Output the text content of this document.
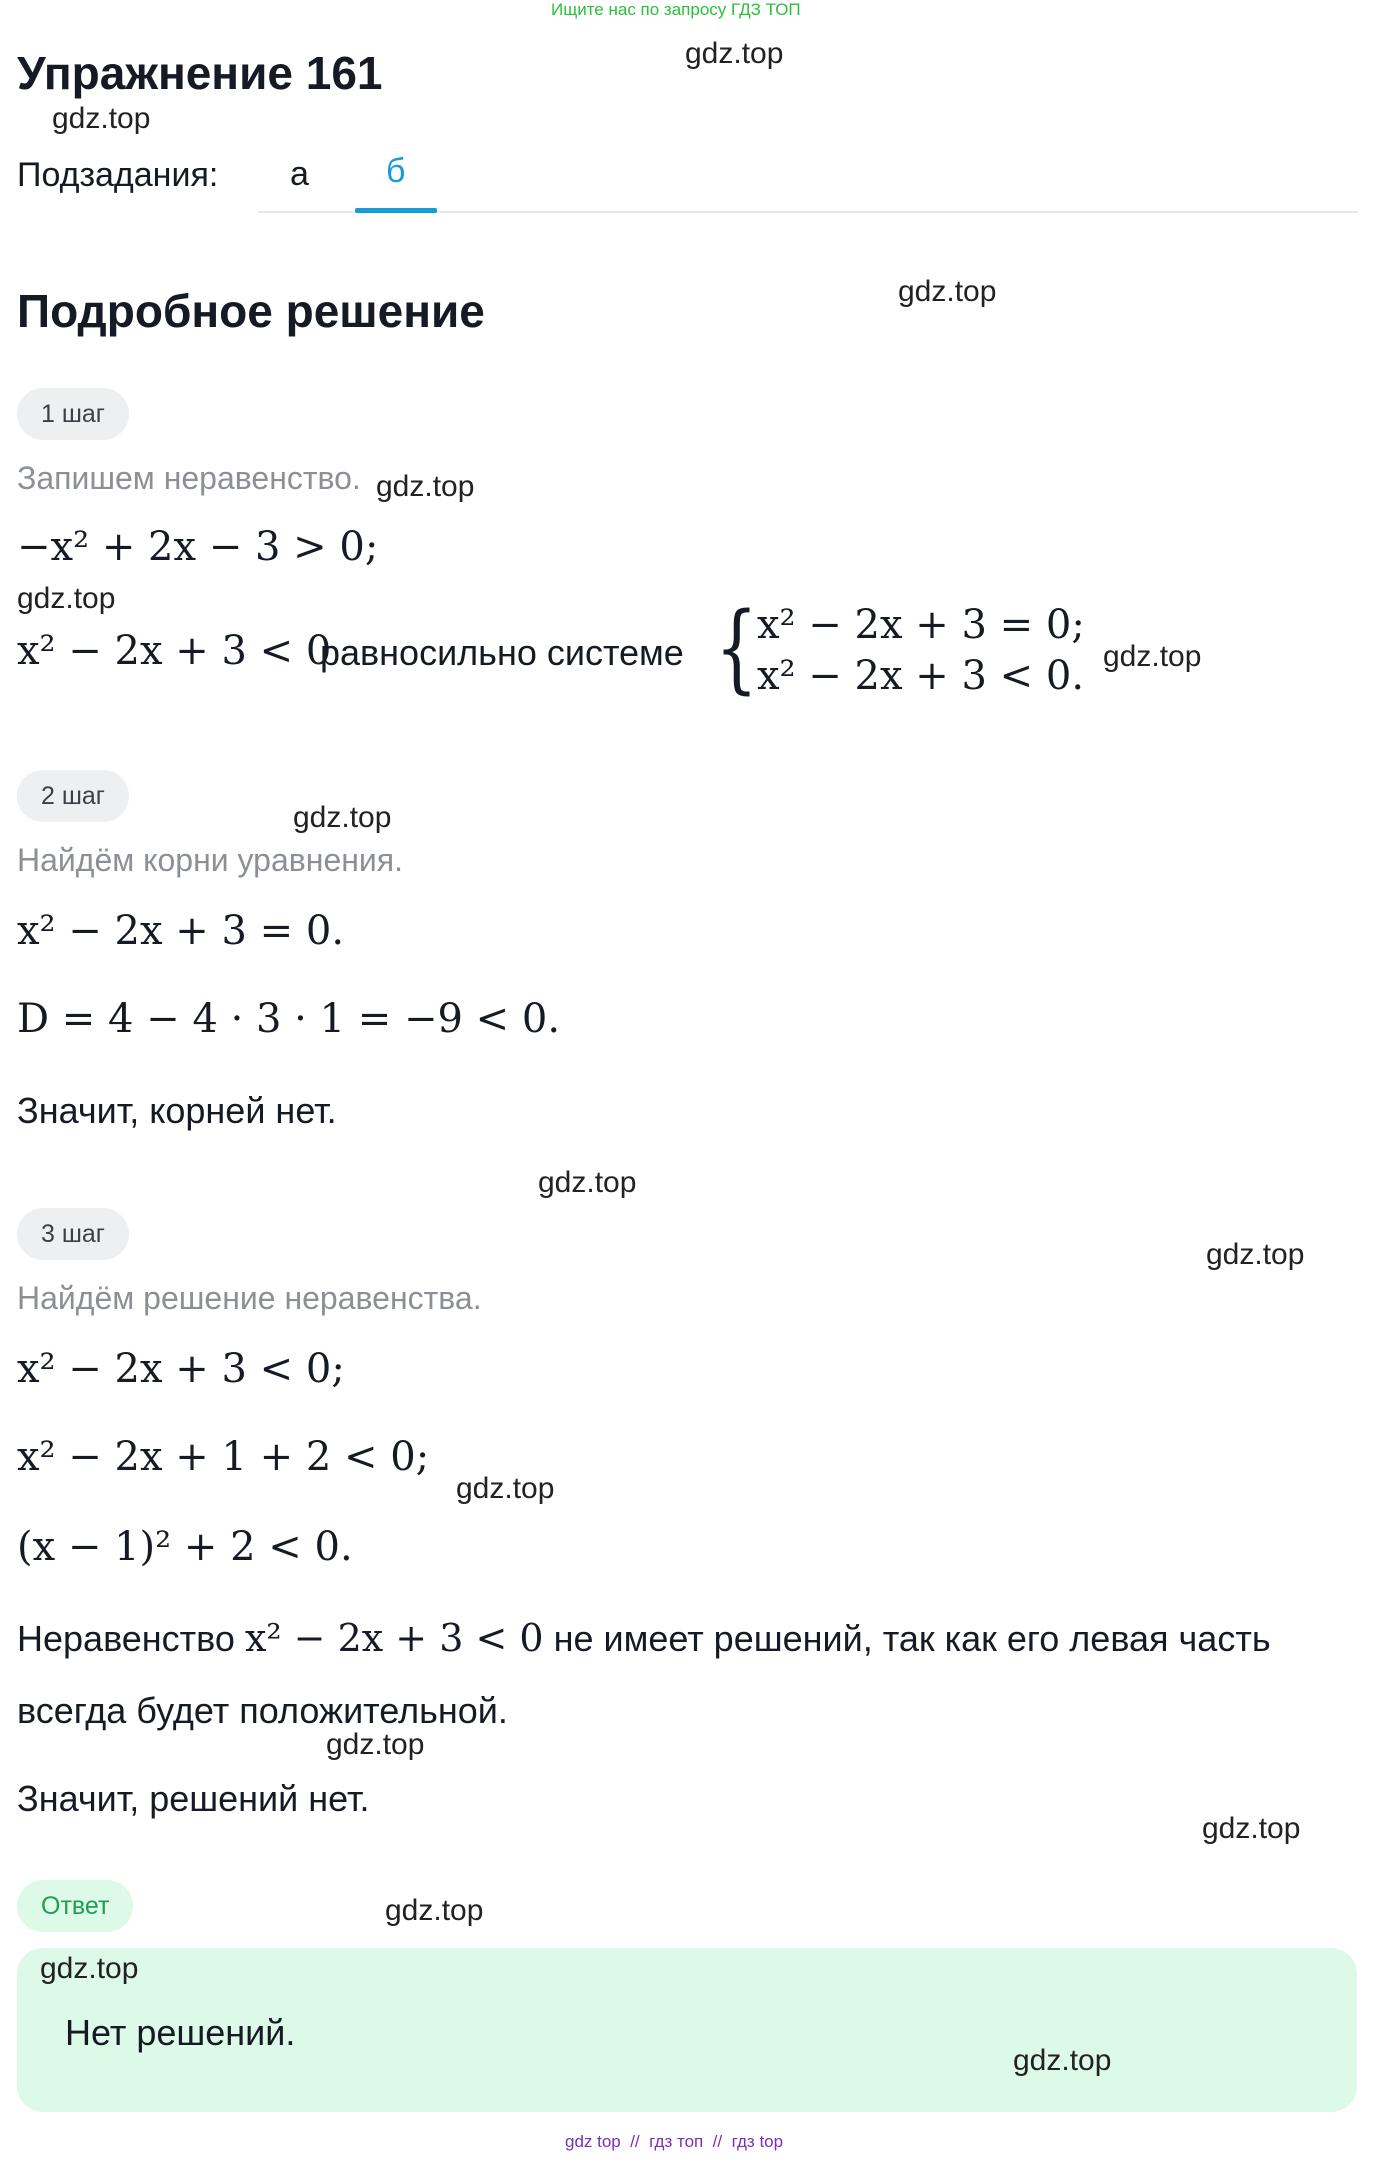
Ищите нас по запросу ГДЗ ТОП
Упражнение 161	gdz.top
gdz.top
Подзадания: а б
Подробное решение	gdz.top
1 шаг
Запишем неравенство. gdz.top
−x² + 2x − 3 > 0;
gdz.top
x² − 2x + 3 < 0
равносильно системе { x² − 2x + 3 = 0;
x² − 2x + 3 < 0. gdz.top
2 шаг
gdz.top
Найдём корни уравнения.
x² − 2x + 3 = 0.
D = 4 − 4 · 3 · 1 = −9 < 0.
Значит, корней нет.
gdz.top
3 шаг
gdz.top
Найдём решение неравенства.
x² − 2x + 3 < 0;
x² − 2x + 1 + 2 < 0;
gdz.top
(x − 1)² + 2 < 0.
Неравенство x² − 2x + 3 < 0 не имеет решений, так как его левая часть
всегда будет положительной.
gdz.top
Значит, решений нет.
gdz.top
Ответ	gdz.top
gdz.top
Нет решений.
gdz.top
gdz top  //  гдз топ  //  гдз top
